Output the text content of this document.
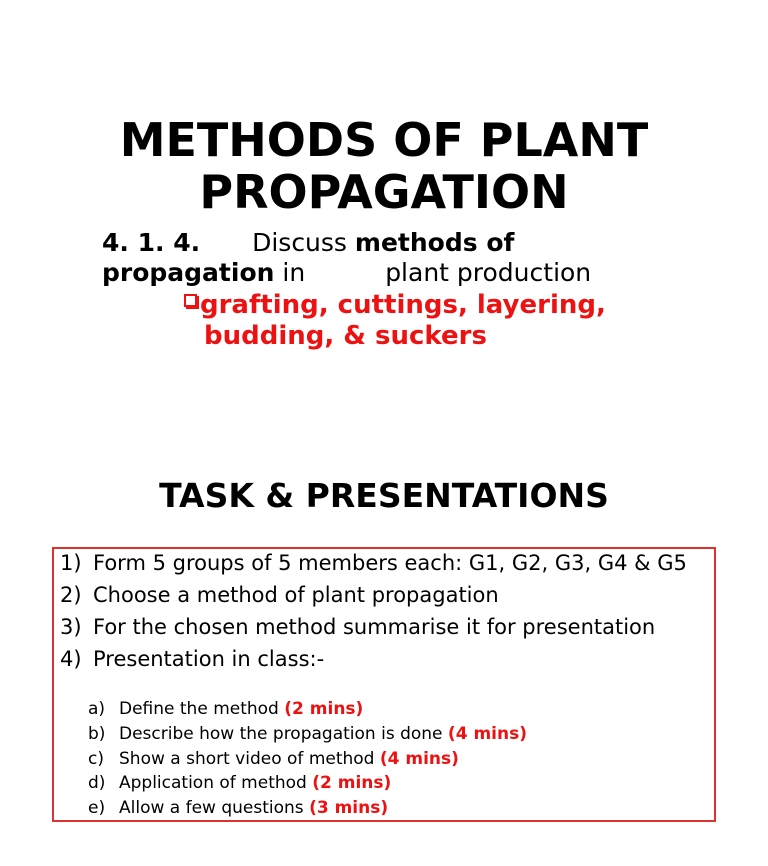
METHODS OF PLANT
PROPAGATION
4. 1. 4. Discuss methods of
propagation in	plant production
grafting, cuttings, layering,
budding, & suckers
TASK & PRESENTATIONS
1) Form 5 groups of 5 members each: G1, G2, G3, G4 & G5
2) Choose a method of plant propagation
3) For the chosen method summarise it for presentation
4) Presentation in class:-
a) Define the method (2 mins)
b) Describe how the propagation is done (4 mins)
c) Show a short video of method (4 mins)
d) Application of method (2 mins)
e) Allow a few questions (3 mins)
